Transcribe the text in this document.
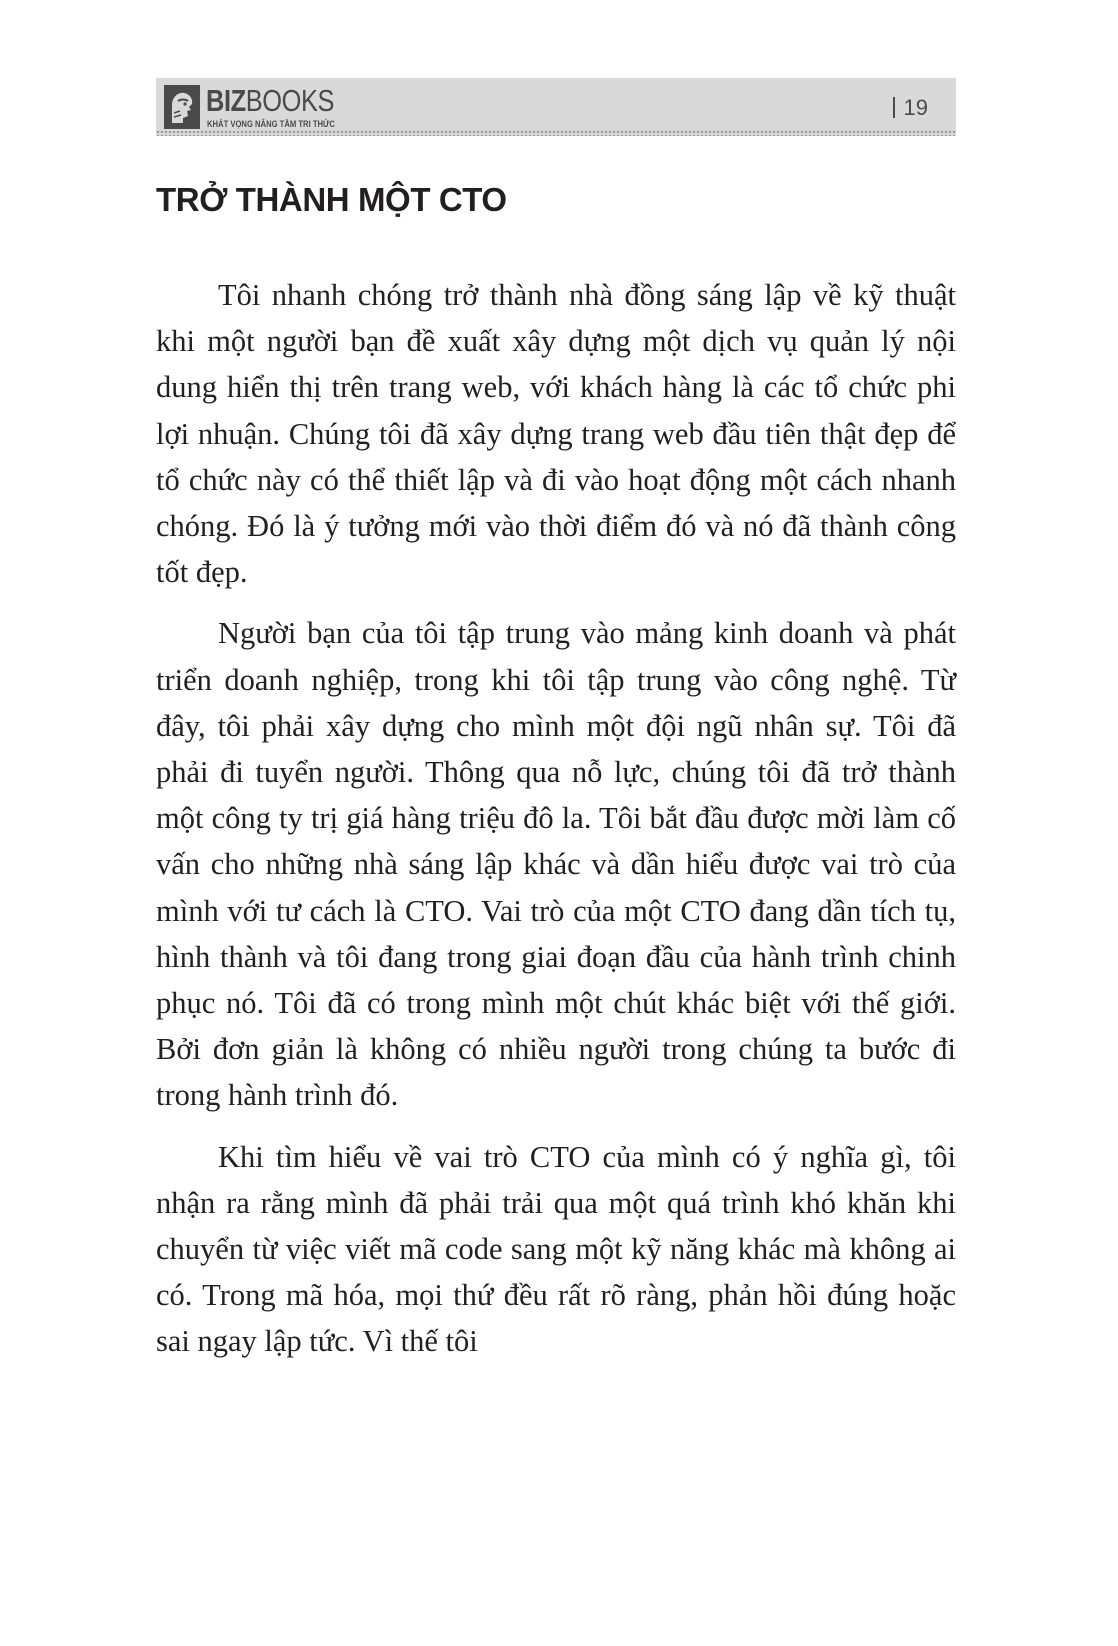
BIZBOOKS
KHÁT VỌNG NÂNG TẦM TRI THỨC
19
TRỞ THÀNH MỘT CTO

Tôi nhanh chóng trở thành nhà đồng sáng lập về kỹ thuật khi một người bạn đề xuất xây dựng một dịch vụ quản lý nội dung hiển thị trên trang web, với khách hàng là các tổ chức phi lợi nhuận. Chúng tôi đã xây dựng trang web đầu tiên thật đẹp để tổ chức này có thể thiết lập và đi vào hoạt động một cách nhanh chóng. Đó là ý tưởng mới vào thời điểm đó và nó đã thành công tốt đẹp.

Người bạn của tôi tập trung vào mảng kinh doanh và phát triển doanh nghiệp, trong khi tôi tập trung vào công nghệ. Từ đây, tôi phải xây dựng cho mình một đội ngũ nhân sự. Tôi đã phải đi tuyển người. Thông qua nỗ lực, chúng tôi đã trở thành một công ty trị giá hàng triệu đô la. Tôi bắt đầu được mời làm cố vấn cho những nhà sáng lập khác và dần hiểu được vai trò của mình với tư cách là CTO. Vai trò của một CTO đang dần tích tụ, hình thành và tôi đang trong giai đoạn đầu của hành trình chinh phục nó. Tôi đã có trong mình một chút khác biệt với thế giới. Bởi đơn giản là không có nhiều người trong chúng ta bước đi trong hành trình đó.

Khi tìm hiểu về vai trò CTO của mình có ý nghĩa gì, tôi nhận ra rằng mình đã phải trải qua một quá trình khó khăn khi chuyển từ việc viết mã code sang một kỹ năng khác mà không ai có. Trong mã hóa, mọi thứ đều rất rõ ràng, phản hồi đúng hoặc sai ngay lập tức. Vì thế tôi
